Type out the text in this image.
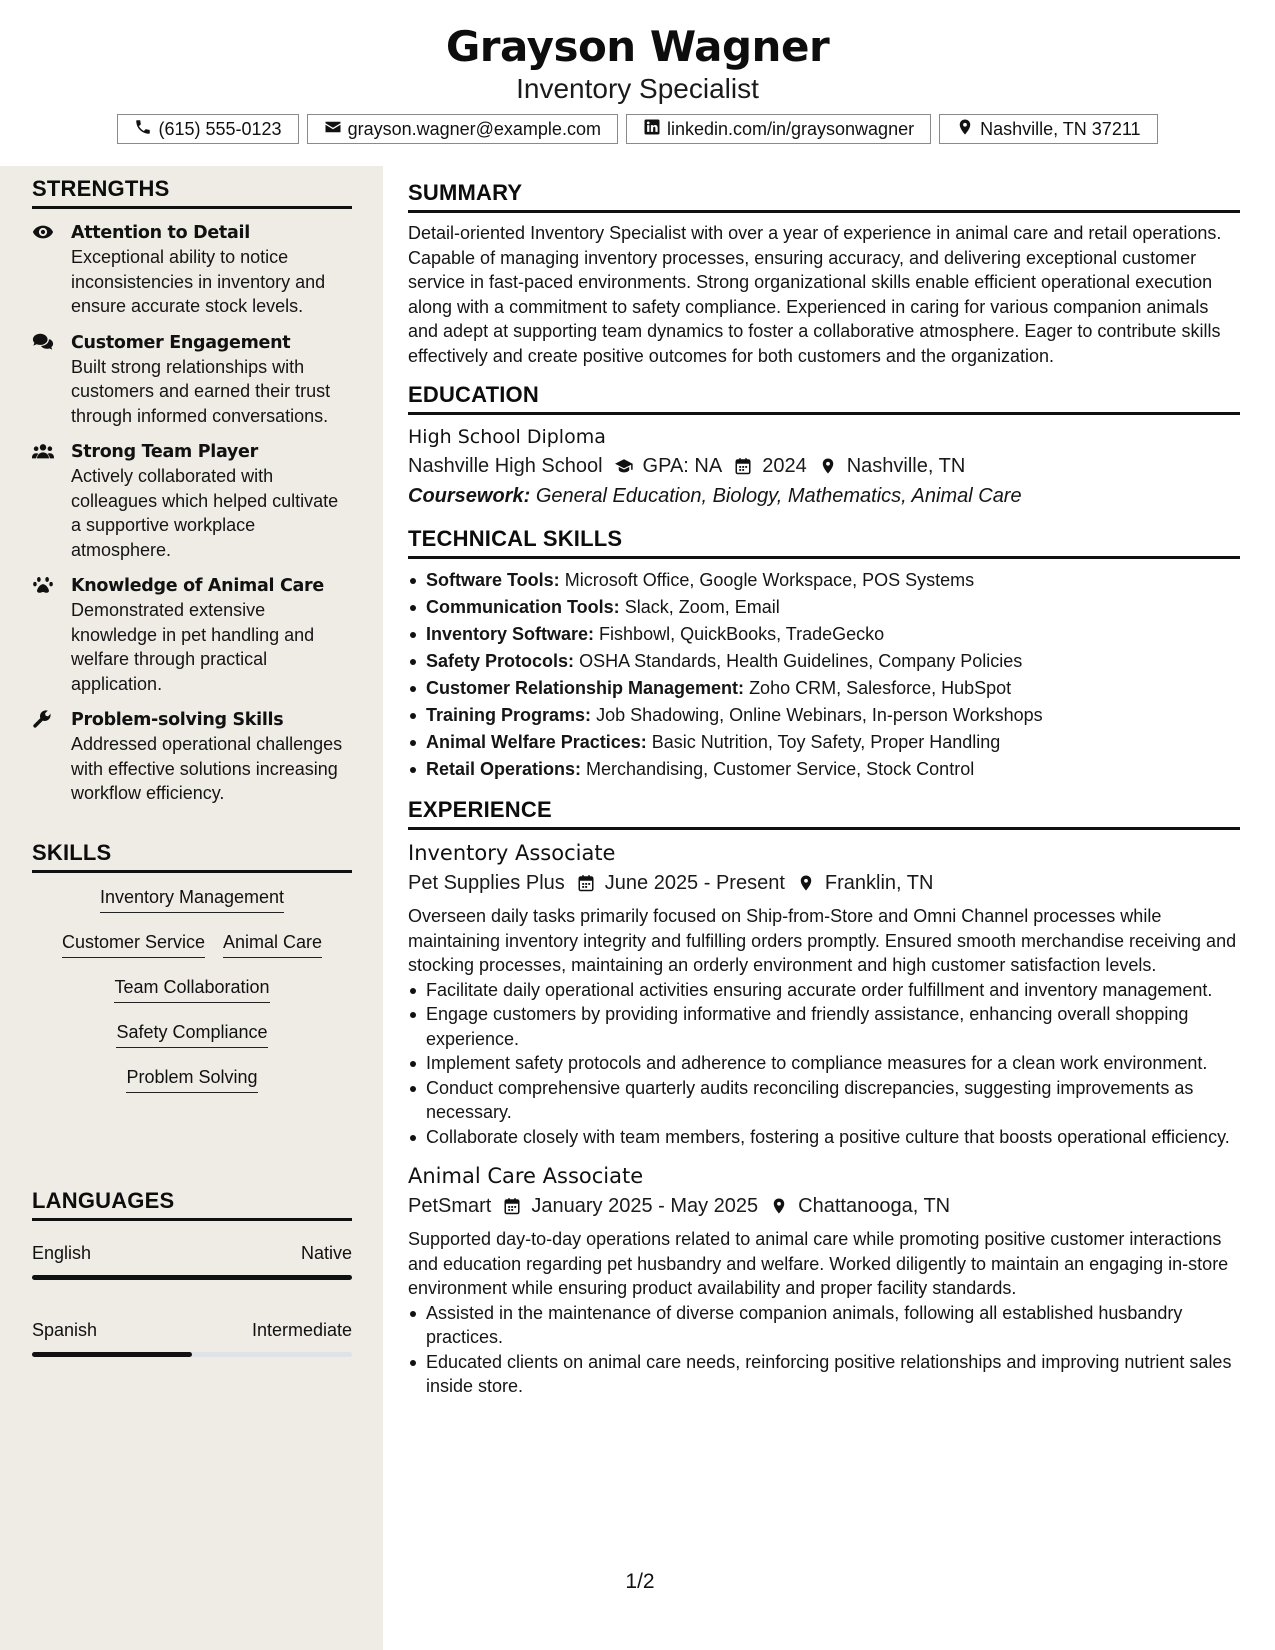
Grayson Wagner
Inventory Specialist
(615) 555-0123	grayson.wagner@example.com	linkedin.com/in/graysonwagner	Nashville, TN 37211
STRENGTHS
Attention to Detail
Exceptional ability to notice inconsistencies in inventory and ensure accurate stock levels.
Customer Engagement
Built strong relationships with customers and earned their trust through informed conversations.
Strong Team Player
Actively collaborated with colleagues which helped cultivate a supportive workplace atmosphere.
Knowledge of Animal Care
Demonstrated extensive knowledge in pet handling and welfare through practical application.
Problem-solving Skills
Addressed operational challenges with effective solutions increasing workflow efficiency.
SKILLS
Inventory Management
Customer Service Animal Care
Team Collaboration
Safety Compliance
Problem Solving
LANGUAGES
English	Native
Spanish	Intermediate
SUMMARY
Detail-oriented Inventory Specialist with over a year of experience in animal care and retail operations. Capable of managing inventory processes, ensuring accuracy, and delivering exceptional customer service in fast-paced environments. Strong organizational skills enable efficient operational execution along with a commitment to safety compliance. Experienced in caring for various companion animals and adept at supporting team dynamics to foster a collaborative atmosphere. Eager to contribute skills effectively and create positive outcomes for both customers and the organization.
EDUCATION
High School Diploma
Nashville High School GPA: NA 2024 Nashville, TN
Coursework: General Education, Biology, Mathematics, Animal Care
TECHNICAL SKILLS
Software Tools: Microsoft Office, Google Workspace, POS Systems
Communication Tools: Slack, Zoom, Email
Inventory Software: Fishbowl, QuickBooks, TradeGecko
Safety Protocols: OSHA Standards, Health Guidelines, Company Policies
Customer Relationship Management: Zoho CRM, Salesforce, HubSpot
Training Programs: Job Shadowing, Online Webinars, In-person Workshops
Animal Welfare Practices: Basic Nutrition, Toy Safety, Proper Handling
Retail Operations: Merchandising, Customer Service, Stock Control
EXPERIENCE
Inventory Associate
Pet Supplies Plus June 2025 - Present Franklin, TN
Overseen daily tasks primarily focused on Ship-from-Store and Omni Channel processes while maintaining inventory integrity and fulfilling orders promptly. Ensured smooth merchandise receiving and stocking processes, maintaining an orderly environment and high customer satisfaction levels.
Facilitate daily operational activities ensuring accurate order fulfillment and inventory management.
Engage customers by providing informative and friendly assistance, enhancing overall shopping experience.
Implement safety protocols and adherence to compliance measures for a clean work environment.
Conduct comprehensive quarterly audits reconciling discrepancies, suggesting improvements as necessary.
Collaborate closely with team members, fostering a positive culture that boosts operational efficiency.
Animal Care Associate
PetSmart January 2025 - May 2025 Chattanooga, TN
Supported day-to-day operations related to animal care while promoting positive customer interactions and education regarding pet husbandry and welfare. Worked diligently to maintain an engaging in-store environment while ensuring product availability and proper facility standards.
Assisted in the maintenance of diverse companion animals, following all established husbandry practices.
Educated clients on animal care needs, reinforcing positive relationships and improving nutrient sales inside store.
1/2
